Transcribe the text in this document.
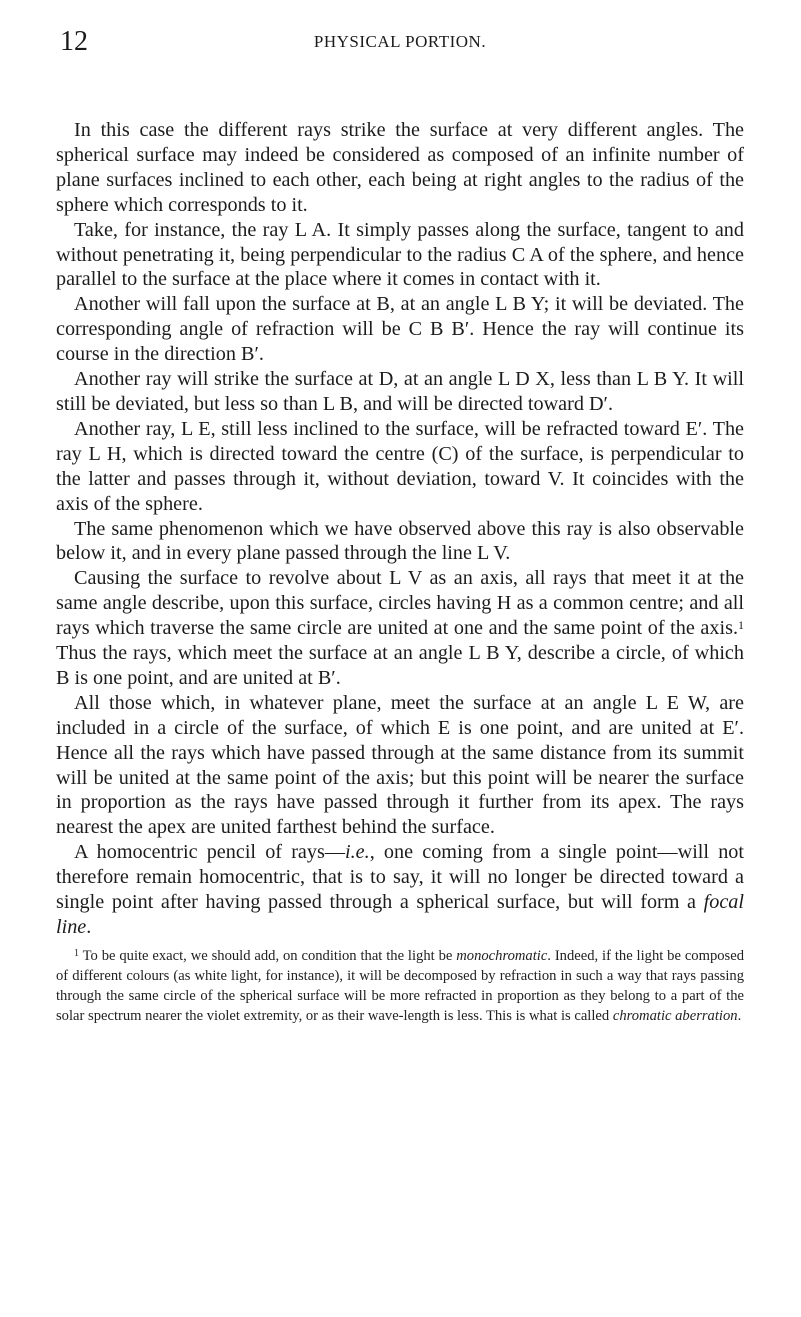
12	PHYSICAL PORTION.

In this case the different rays strike the surface at very different angles. The spherical surface may indeed be considered as composed of an infinite number of plane surfaces inclined to each other, each being at right angles to the radius of the sphere which corresponds to it.

Take, for instance, the ray L A. It simply passes along the surface, tangent to and without penetrating it, being perpendicular to the radius C A of the sphere, and hence parallel to the surface at the place where it comes in contact with it.

Another will fall upon the surface at B, at an angle L B Y; it will be deviated. The corresponding angle of refraction will be C B B′. Hence the ray will continue its course in the direction B′.

Another ray will strike the surface at D, at an angle L D X, less than L B Y. It will still be deviated, but less so than L B, and will be directed toward D′.

Another ray, L E, still less inclined to the surface, will be refracted toward E′. The ray L H, which is directed toward the centre (C) of the surface, is perpendicular to the latter and passes through it, without deviation, toward V. It coincides with the axis of the sphere.

The same phenomenon which we have observed above this ray is also observable below it, and in every plane passed through the line L V.

Causing the surface to revolve about L V as an axis, all rays that meet it at the same angle describe, upon this surface, circles having H as a common centre; and all rays which traverse the same circle are united at one and the same point of the axis.$^1$ Thus the rays, which meet the surface at an angle L B Y, describe a circle, of which B is one point, and are united at B′.

All those which, in whatever plane, meet the surface at an angle L E W, are included in a circle of the surface, of which E is one point, and are united at E′. Hence all the rays which have passed through at the same distance from its summit will be united at the same point of the axis; but this point will be nearer the surface in proportion as the rays have passed through it further from its apex. The rays nearest the apex are united farthest behind the surface.

A homocentric pencil of rays—i.e., one coming from a single point—will not therefore remain homocentric, that is to say, it will no longer be directed toward a single point after having passed through a spherical surface, but will form a focal line.

$^1$ To be quite exact, we should add, on condition that the light be monochromatic. Indeed, if the light be composed of different colours (as white light, for instance), it will be decomposed by refraction in such a way that rays passing through the same circle of the spherical surface will be more refracted in proportion as they belong to a part of the solar spectrum nearer the violet extremity, or as their wave-length is less. This is what is called chromatic aberration.
